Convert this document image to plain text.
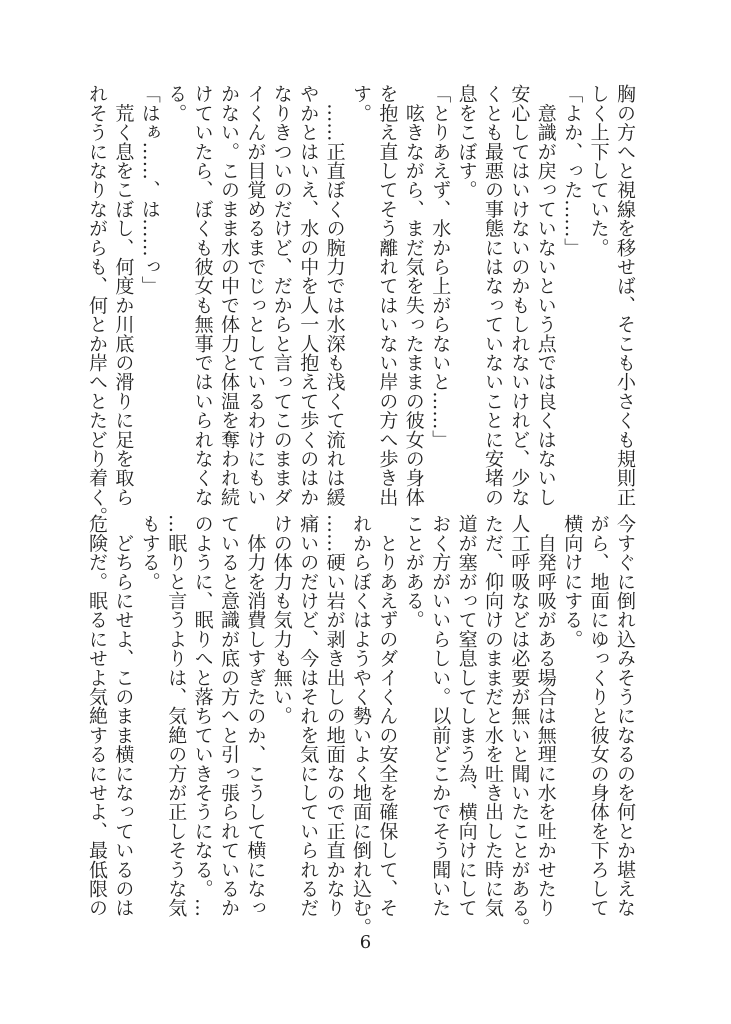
胸の方へと視線を移せば、そこも小さくも規則正
しく上下していた。
「よか、った……」
　意識が戻っていないという点では良くはないし
安心してはいけないのかもしれないけれど、少な
くとも最悪の事態にはなっていないことに安堵の
息をこぼす。
「とりあえず、水から上がらないと……」
　呟きながら、まだ気を失ったままの彼女の身体
を抱え直してそう離れてはいない岸の方へ歩き出
す。
　……正直ぼくの腕力では水深も浅くて流れは緩
やかとはいえ、水の中を人一人抱えて歩くのはか
なりきついのだけど、だからと言ってこのままダ
イくんが目覚めるまでじっとしているわけにもい
かない。このまま水の中で体力と体温を奪われ続
けていたら、ぼくも彼女も無事ではいられなくな
る。
「はぁ……、は……っ」
　荒く息をこぼし、何度か川底の滑りに足を取ら
れそうになりながらも、何とか岸へとたどり着く。
今すぐに倒れ込みそうになるのを何とか堪えな
がら、地面にゆっくりと彼女の身体を下ろして
横向けにする。
　自発呼吸がある場合は無理に水を吐かせたり
人工呼吸などは必要が無いと聞いたことがある。
ただ、仰向けのままだと水を吐き出した時に気
道が塞がって窒息してしまう為、横向けにして
おく方がいいらしい。以前どこかでそう聞いた
ことがある。
　とりあえずのダイくんの安全を確保して、そ
れからぼくはようやく勢いよく地面に倒れ込む。
……硬い岩が剥き出しの地面なので正直かなり
痛いのだけど、今はそれを気にしていられるだ
けの体力も気力も無い。
　体力を消費しすぎたのか、こうして横になっ
ていると意識が底の方へと引っ張られているか
のように、眠りへと落ちていきそうになる。…
…眠りと言うよりは、気絶の方が正しそうな気
もする。
　どちらにせよ、このまま横になっているのは
危険だ。眠るにせよ気絶するにせよ、最低限の
6
